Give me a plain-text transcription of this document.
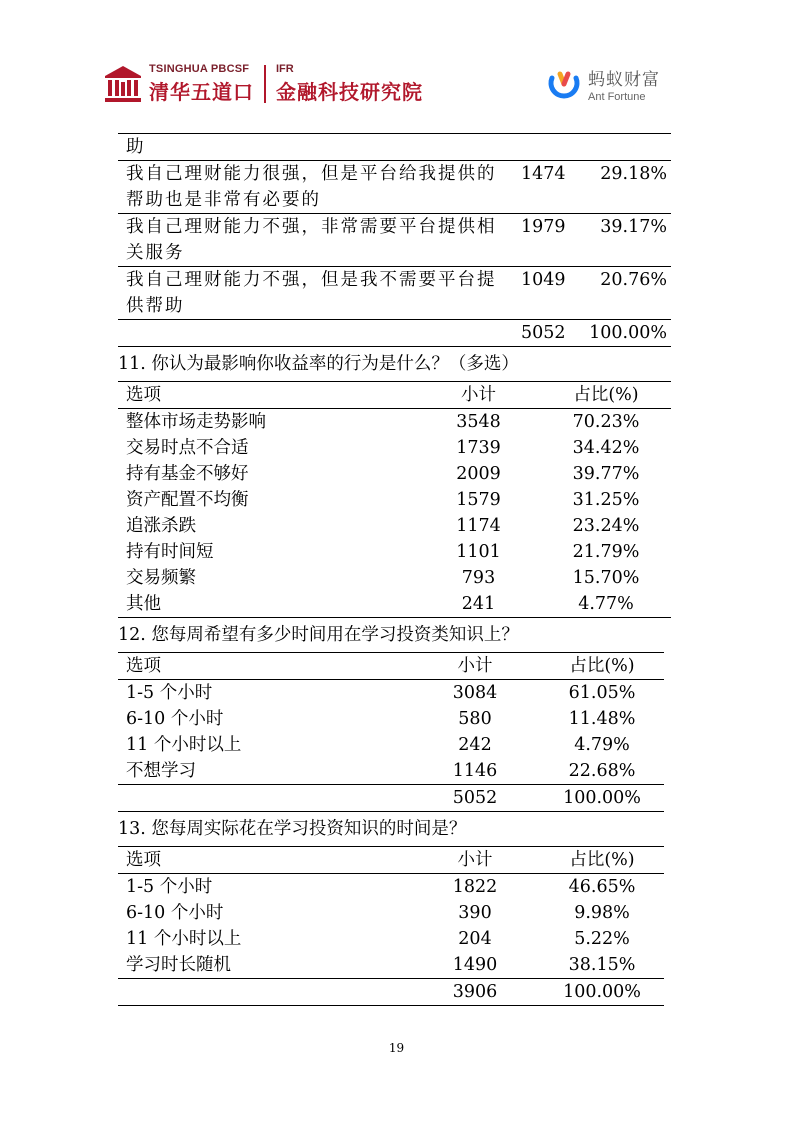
TSINGHUA PBCSF
清华五道口
IFR
金融科技研究院	蚂蚁财富
Ant Fortune
助		
我自己理财能力很强，但是平台给我提供的帮助也是非常有必要的	1474	29.18%
我自己理财能力不强，非常需要平台提供相关服务	1979	39.17%
我自己理财能力不强，但是我不需要平台提供帮助	1049	20.76%
	5052	100.00%
11. 你认为最影响你收益率的行为是什么？（多选）
选项	小计	占比(%)
整体市场走势影响	3548	70.23%
交易时点不合适	1739	34.42%
持有基金不够好	2009	39.77%
资产配置不均衡	1579	31.25%
追涨杀跌	1174	23.24%
持有时间短	1101	21.79%
交易频繁	793	15.70%
其他	241	4.77%
12. 您每周希望有多少时间用在学习投资类知识上？
选项	小计	占比(%)
1-5 个小时	3084	61.05%
6-10 个小时	580	11.48%
11 个小时以上	242	4.79%
不想学习	1146	22.68%
	5052	100.00%
13. 您每周实际花在学习投资知识的时间是？
选项	小计	占比(%)
1-5 个小时	1822	46.65%
6-10 个小时	390	9.98%
11 个小时以上	204	5.22%
学习时长随机	1490	38.15%
	3906	100.00%
19
